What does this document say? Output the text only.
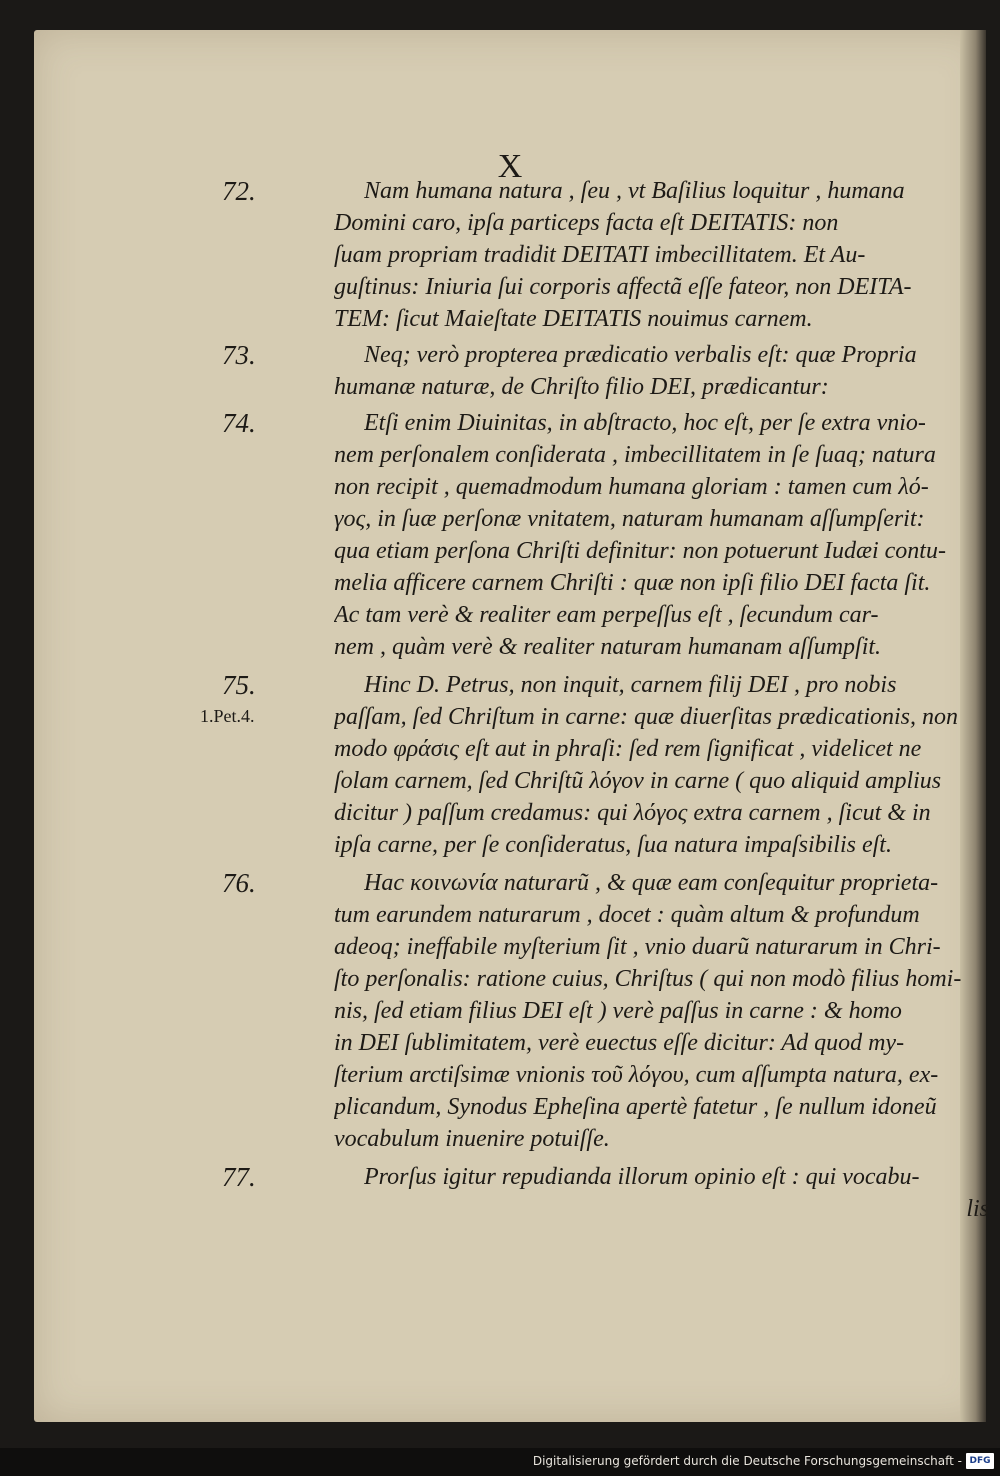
X
72.	Nam humana natura , ſeu , vt Baſilius loquitur , humana
Domini caro, ipſa particeps facta eſt DEITATIS: non
ſuam propriam tradidit DEITATI imbecillitatem. Et Au-
guſtinus: Iniuria ſui corporis affectã eſſe fateor, non DEITA-
TEM: ſicut Maieſtate DEITATIS nouimus carnem.
73.	Neq; verò propterea prædicatio verbalis eſt: quæ Propria
humanæ naturæ, de Chriſto filio DEI, prædicantur:
74.	Etſi enim Diuinitas, in abſtracto, hoc eſt, per ſe extra vnio-
nem perſonalem conſiderata , imbecillitatem in ſe ſuaq; natura
non recipit , quemadmodum humana gloriam : tamen cum λό-
γος, in ſuæ perſonæ vnitatem, naturam humanam aſſumpſerit:
qua etiam perſona Chriſti definitur: non potuerunt Iudæi contu-
melia afficere carnem Chriſti : quæ non ipſi filio DEI facta ſit.
Ac tam verè & realiter eam perpeſſus eſt , ſecundum car-
nem , quàm verè & realiter naturam humanam aſſumpſit.
75.
1.Pet.4.
Hinc D. Petrus, non inquit, carnem filij DEI , pro nobis
paſſam, ſed Chriſtum in carne: quæ diuerſitas prædicationis, non
modo φράσις eſt aut in phraſi: ſed rem ſignificat , videlicet ne
ſolam carnem, ſed Chriſtũ λόγον in carne ( quo aliquid amplius
dicitur ) paſſum credamus: qui λόγος extra carnem , ſicut & in
ipſa carne, per ſe conſideratus, ſua natura impaſsibilis eſt.
76.	Hac κοινωνία naturarũ , & quæ eam conſequitur proprieta-
tum earundem naturarum , docet : quàm altum & profundum
adeoq; ineffabile myſterium ſit , vnio duarũ naturarum in Chri-
ſto perſonalis: ratione cuius, Chriſtus ( qui non modò filius homi-
nis, ſed etiam filius DEI eſt ) verè paſſus in carne : & homo
in DEI ſublimitatem, verè euectus eſſe dicitur: Ad quod my-
ſterium arctiſsimæ vnionis τοῦ λόγου, cum aſſumpta natura, ex-
plicandum, Synodus Epheſina apertè fatetur , ſe nullum idoneũ
vocabulum inuenire potuiſſe.
77.	Prorſus igitur repudianda illorum opinio eſt : qui vocabu-
lis
Digitalisierung gefördert durch die Deutsche Forschungsgemeinschaft - DFG
